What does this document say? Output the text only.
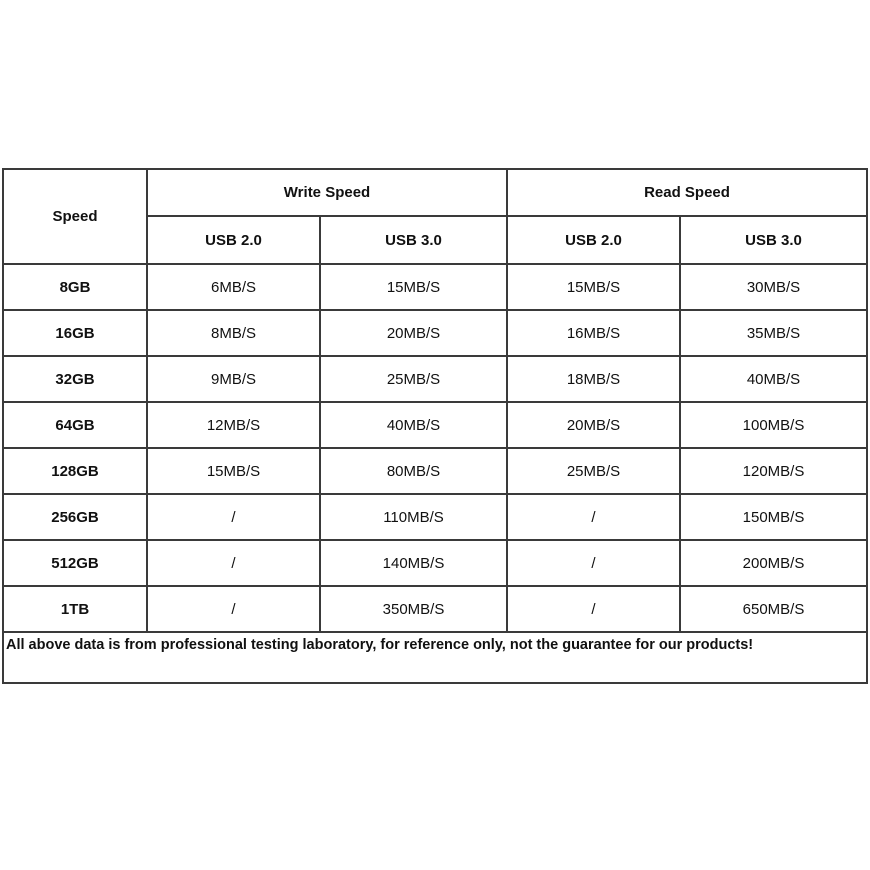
Speed	Write Speed		Read Speed	
	USB 2.0	USB 3.0	USB 2.0	USB 3.0
8GB	6MB/S	15MB/S	15MB/S	30MB/S
16GB	8MB/S	20MB/S	16MB/S	35MB/S
32GB	9MB/S	25MB/S	18MB/S	40MB/S
64GB	12MB/S	40MB/S	20MB/S	100MB/S
128GB	15MB/S	80MB/S	25MB/S	120MB/S
256GB	/	110MB/S	/	150MB/S
512GB	/	140MB/S	/	200MB/S
1TB	/	350MB/S	/	650MB/S
All above data is from professional testing laboratory, for reference only, not the guarantee for our products!				
